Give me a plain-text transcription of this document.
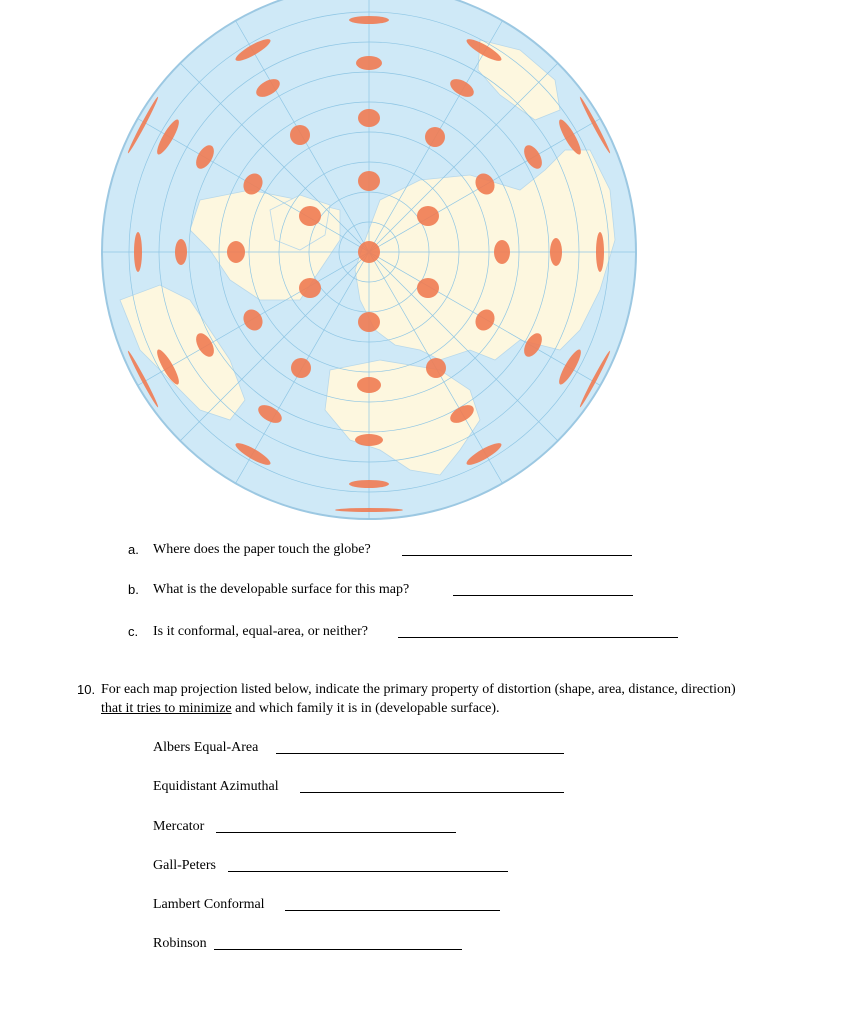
a. Where does the paper touch the globe?
b. What is the developable surface for this map?
c. Is it conformal, equal-area, or neither?
10. For each map projection listed below, indicate the primary property of distortion (shape, area, distance, direction)
that it tries to minimize and which family it is in (developable surface).
Albers Equal-Area
Equidistant Azimuthal
Mercator
Gall-Peters
Lambert Conformal
Robinson
